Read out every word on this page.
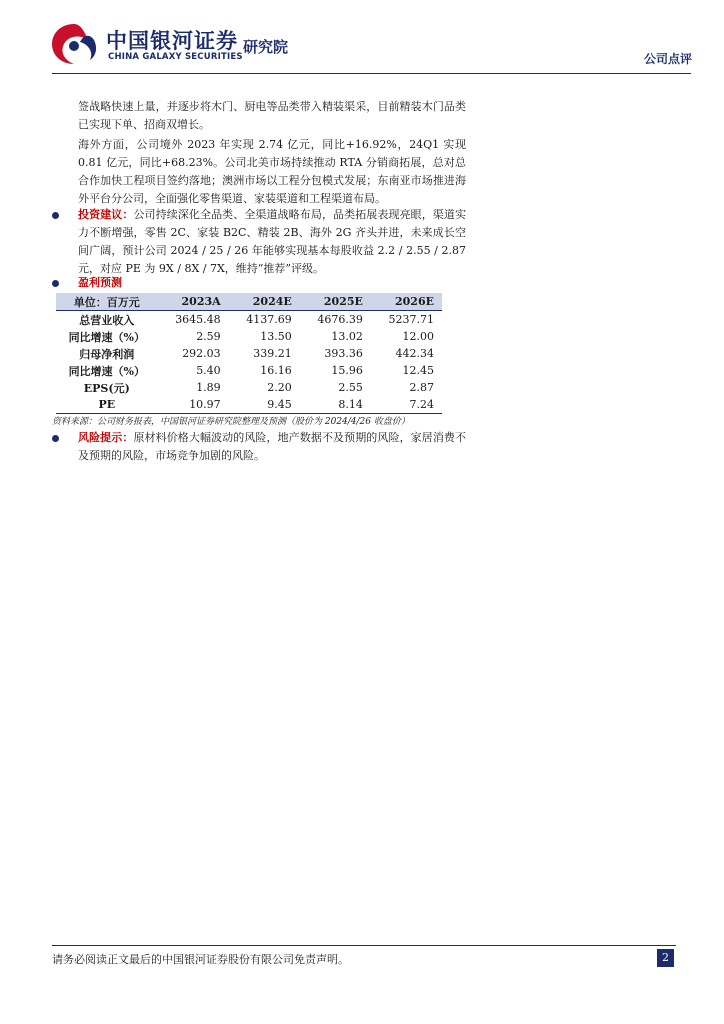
中国银河证券
CHINA GALAXY SECURITIES
研究院
公司点评
签战略快速上量，并逐步将木门、厨电等品类带入精装渠采，目前精装木门品类已实现下单、招商双增长。
海外方面，公司境外 2023 年实现 2.74 亿元，同比+16.92%，24Q1 实现 0.81 亿元，同比+68.23%。公司北美市场持续推动 RTA 分销商拓展，总对总合作加快工程项目签约落地；澳洲市场以工程分包模式发展；东南亚市场推进海外平台分公司，全面强化零售渠道、家装渠道和工程渠道布局。
投资建议：公司持续深化全品类、全渠道战略布局，品类拓展表现亮眼，渠道实力不断增强，零售 2C、家装 B2C、精装 2B、海外 2G 齐头并进，未来成长空间广阔，预计公司 2024 / 25 / 26 年能够实现基本每股收益 2.2 / 2.55 / 2.87 元，对应 PE 为 9X / 8X / 7X，维持“推荐”评级。
盈利预测
单位：百万元	2023A	2024E	2025E	2026E
总营业收入	3645.48	4137.69	4676.39	5237.71
同比增速（%）	2.59	13.50	13.02	12.00
归母净利润	292.03	339.21	393.36	442.34
同比增速（%）	5.40	16.16	15.96	12.45
EPS(元)	1.89	2.20	2.55	2.87
PE	10.97	9.45	8.14	7.24
资料来源：公司财务报表，中国银河证券研究院整理及预测（股价为 2024/4/26 收盘价）
风险提示：原材料价格大幅波动的风险，地产数据不及预期的风险，家居消费不及预期的风险，市场竞争加剧的风险。
请务必阅读正文最后的中国银河证券股份有限公司免责声明。	2
